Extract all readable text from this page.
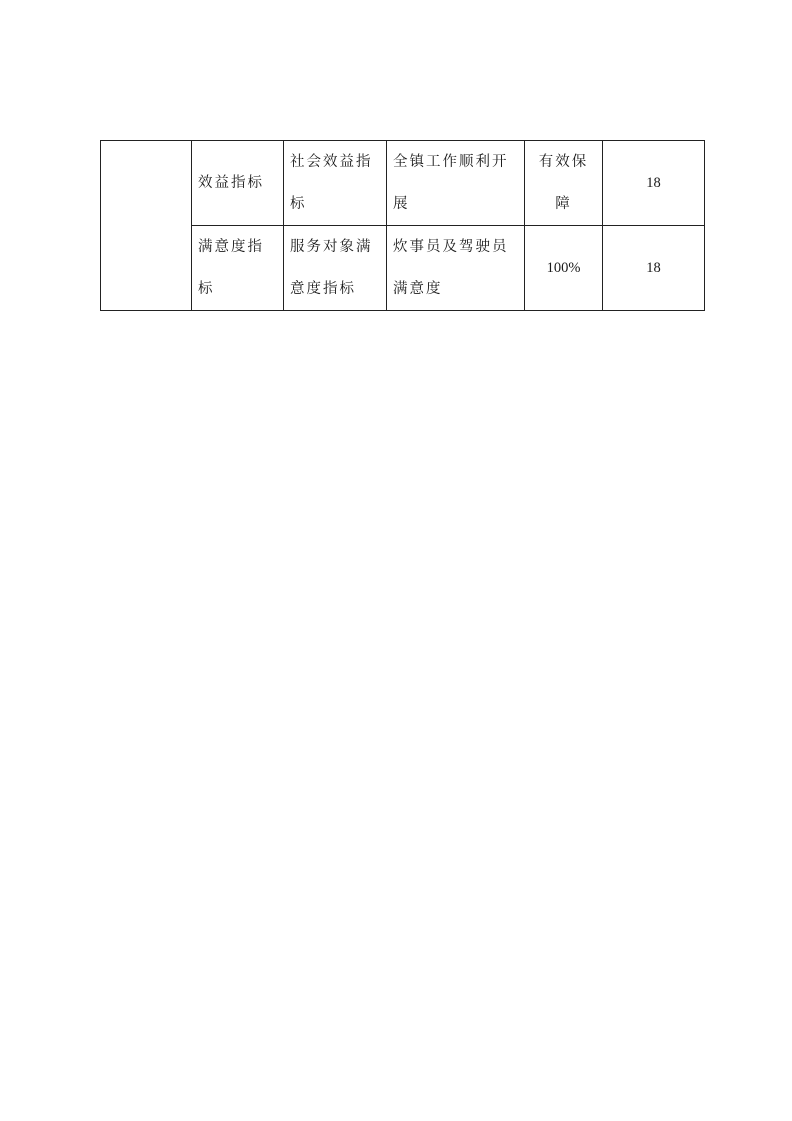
	效益指标	社会效益指标	全镇工作顺利开展	有效保障	18
	满意度指标	服务对象满意度指标	炊事员及驾驶员满意度	100%	18
